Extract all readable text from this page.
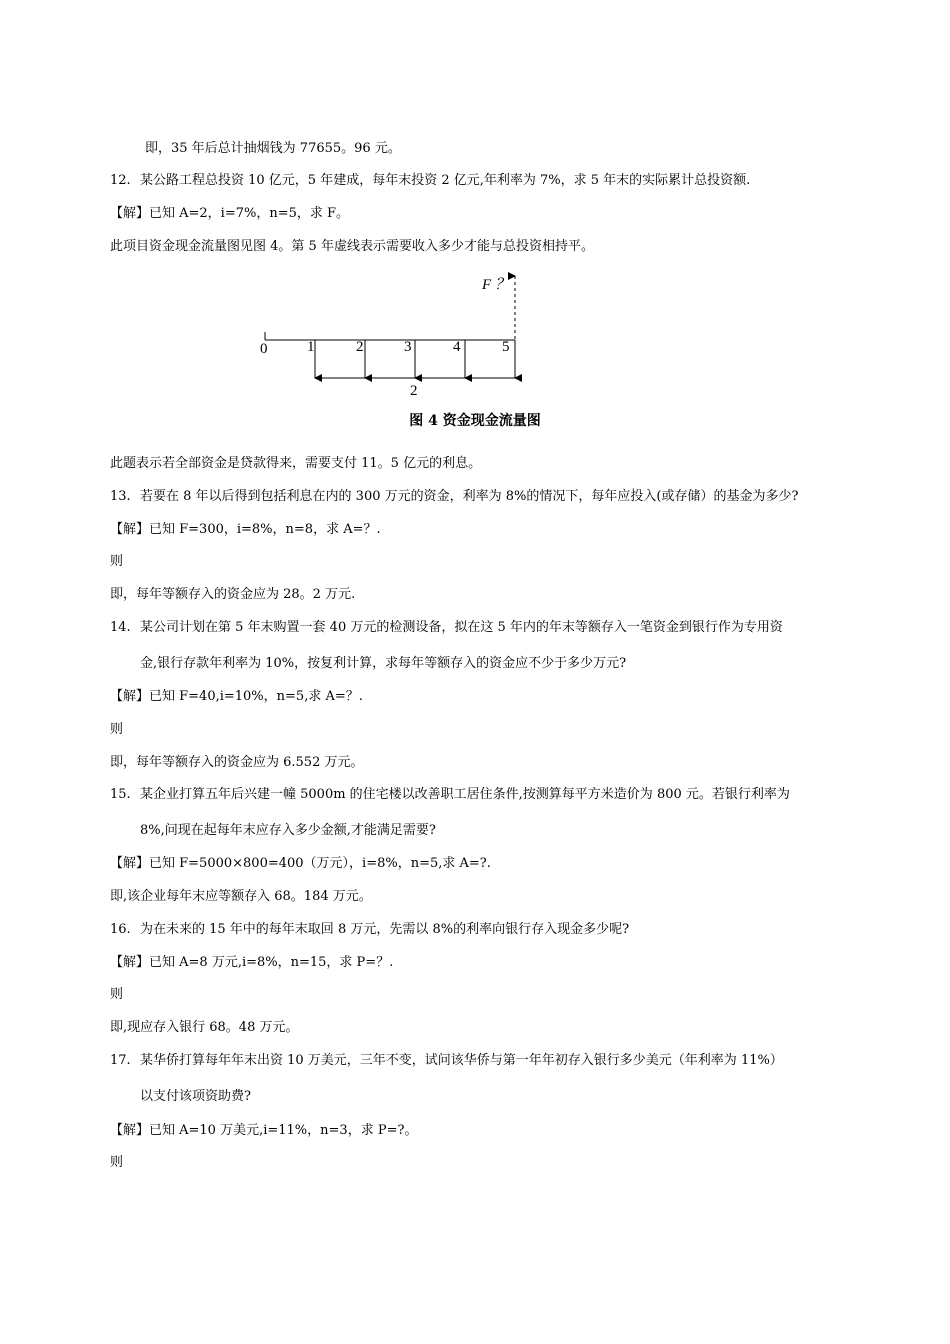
即，35 年后总计抽烟钱为 77655。96 元。
12. 某公路工程总投资 10 亿元，5 年建成，每年末投资 2 亿元,年利率为 7%，求 5 年末的实际累计总投资额.
【解】已知 A=2，i=7%，n=5，求 F。
此项目资金现金流量图见图 4。第 5 年虚线表示需要收入多少才能与总投资相持平。
F ？
0	1	2	3	4	5
2
图 4 资金现金流量图
此题表示若全部资金是贷款得来，需要支付 11。5 亿元的利息。
13. 若要在 8 年以后得到包括利息在内的 300 万元的资金，利率为 8%的情况下，每年应投入(或存储）的基金为多少?
【解】已知 F=300，i=8%，n=8，求 A=？.
则
即，每年等额存入的资金应为 28。2 万元.
14. 某公司计划在第 5 年末购置一套 40 万元的检测设备，拟在这 5 年内的年末等额存入一笔资金到银行作为专用资
金,银行存款年利率为 10%，按复利计算，求每年等额存入的资金应不少于多少万元?
【解】已知 F=40,i=10%，n=5,求 A=？.
则
即，每年等额存入的资金应为 6.552 万元。
15. 某企业打算五年后兴建一幢 5000m 的住宅楼以改善职工居住条件,按测算每平方米造价为 800 元。若银行利率为
8%,问现在起每年末应存入多少金额,才能满足需要?
【解】已知 F=5000×800=400（万元），i=8%，n=5,求 A=?.
即,该企业每年末应等额存入 68。184 万元。
16. 为在未来的 15 年中的每年末取回 8 万元，先需以 8%的利率向银行存入现金多少呢?
【解】已知 A=8 万元,i=8%，n=15，求 P=？.
则
即,现应存入银行 68。48 万元。
17. 某华侨打算每年年末出资 10 万美元，三年不变，试问该华侨与第一年年初存入银行多少美元（年利率为 11%）
以支付该项资助费?
【解】已知 A=10 万美元,i=11%，n=3，求 P=?。
则
